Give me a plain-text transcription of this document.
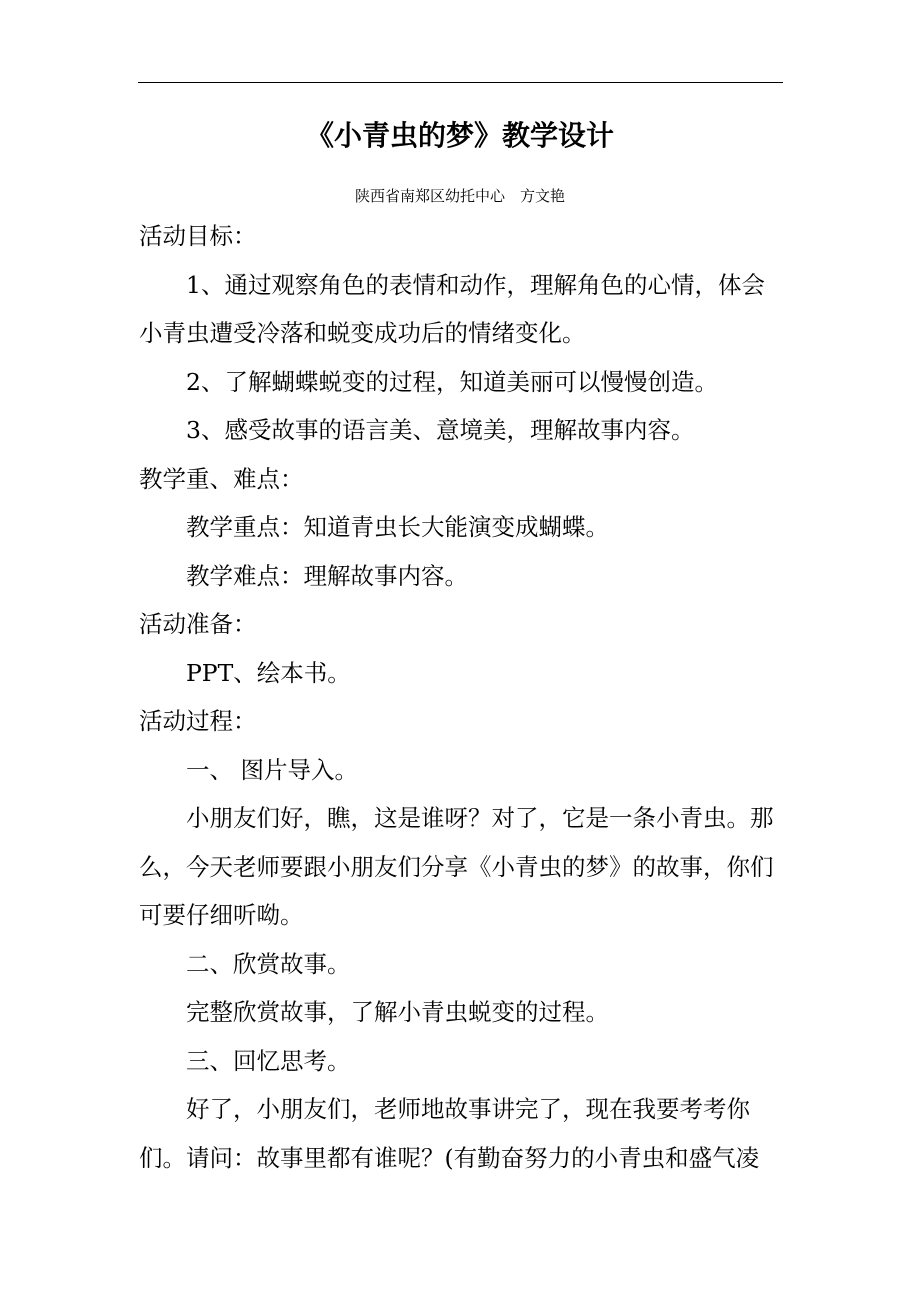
《小青虫的梦》教学设计
陕西省南郑区幼托中心　方文艳

活动目标：

1、通过观察角色的表情和动作，理解角色的心情，体会小青虫遭受冷落和蜕变成功后的情绪变化。

2、了解蝴蝶蜕变的过程，知道美丽可以慢慢创造。

3、感受故事的语言美、意境美，理解故事内容。

教学重、难点：

教学重点：知道青虫长大能演变成蝴蝶。

教学难点：理解故事内容。

活动准备：

PPT、绘本书。

活动过程：

一、 图片导入。

小朋友们好，瞧，这是谁呀？对了，它是一条小青虫。那么，今天老师要跟小朋友们分享《小青虫的梦》的故事，你们可要仔细听呦。

二、欣赏故事。

完整欣赏故事，了解小青虫蜕变的过程。

三、回忆思考。

好了，小朋友们，老师地故事讲完了，现在我要考考你们。请问：故事里都有谁呢？(有勤奋努力的小青虫和盛气凌
